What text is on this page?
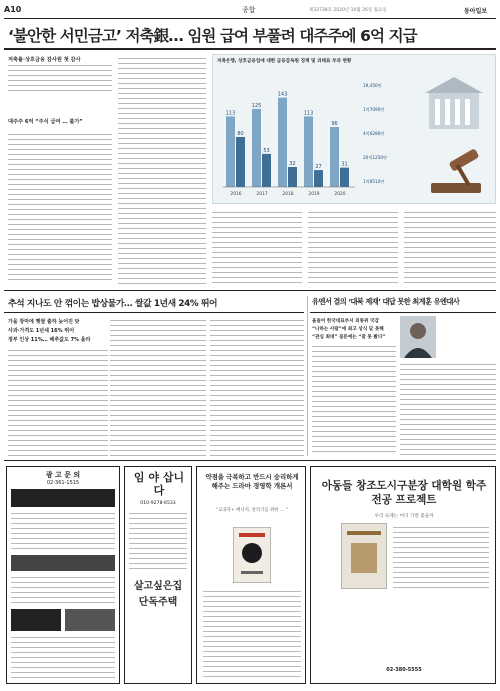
A10	종합	제33738호 2020년 10월 26일 월요일	동아일보
‘불안한 서민금고’ 저축銀… 임원 급여 부풀려 대주주에 6억 지급
저축률·상호금융 감사원 첫 감사
대주주 6억 “주식 급여 … 불가”
저축은행, 상호금융업에 대한 금융감독원 징계 및 과태료 부과 현황
113
80
2016
125
53
2017
143
32
2018
113
27
2019
96
31
2020
19,450만
1억7090만
4억6280만
20억1250만
1억8510만
추석 지나도 안 꺾이는 밥상물가… 쌀값 1년새 24% 뛰어
가을 장마에 햇쌀 출하 늦어진 탓
사과·가격도 1년새 16% 뛰어
정부 인상 11%… 배추값도 7% 올라
유엔서 결의 ‘대북 제재’ 대답 못한 최계훈 유엔대사
올들어 한국대표부서 외통위 국감
“나하는 사람”에 최고 상식 답 못해
“관심 최대” 질문에는 “잘 못 봤다”
광 고 문 의
02-361-1515	임 야 삽니다
010-9278-6533
살고싶은집 단독주택
약점을 극복하고 반드시 승리하게 해주는 드라마 경영학 개론서
“교육학+ 매니저, 살리기를 위한 … ”
아동들 창조도시구분장 대학원 학주 전공 프로젝트
우리 숙제는 어디 가면 좋을까
02-380-5555
